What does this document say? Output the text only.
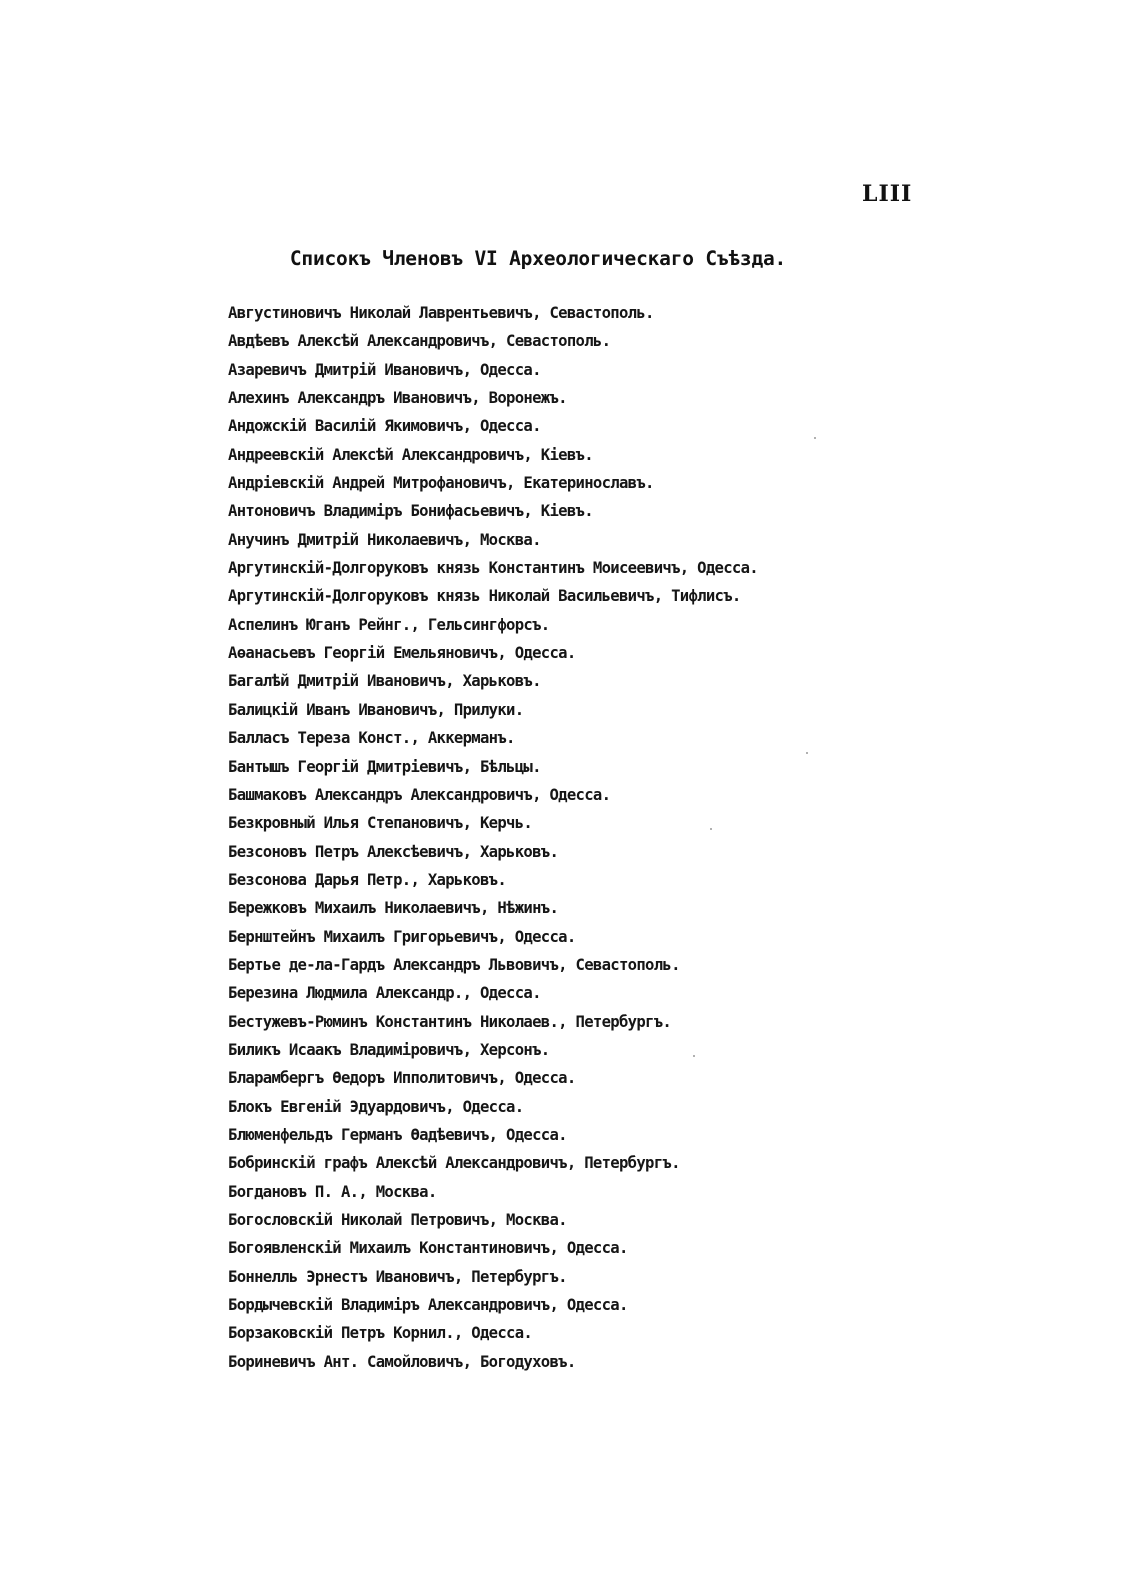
LIII
Списокъ Членовъ VI Археологическаго Съѣзда.
Августиновичъ Николай Лаврентьевичъ, Севастополь.
Авдѣевъ Алексѣй Александровичъ, Севастополь.
Азаревичъ Дмитрій Ивановичъ, Одесса.
Алехинъ Александръ Ивановичъ, Воронежъ.
Андожскій Василій Якимовичъ, Одесса.
Андреевскій Алексѣй Александровичъ, Кіевъ.
Андріевскій Андрей Митрофановичъ, Екатеринославъ.
Антоновичъ Владиміръ Бонифасьевичъ, Кіевъ.
Анучинъ Дмитрій Николаевичъ, Москва.
Аргутинскій-Долгоруковъ князь Константинъ Моисеевичъ, Одесса.
Аргутинскій-Долгоруковъ князь Николай Васильевичъ, Тифлисъ.
Аспелинъ Юганъ Рейнг., Гельсингфорсъ.
Аѳанасьевъ Георгій Емельяновичъ, Одесса.
Багалѣй Дмитрій Ивановичъ, Харьковъ.
Балицкій Иванъ Ивановичъ, Прилуки.
Балласъ Тереза Конст., Аккерманъ.
Бантышъ Георгій Дмитріевичъ, Бѣльцы.
Башмаковъ Александръ Александровичъ, Одесса.
Безкровный Илья Степановичъ, Керчь.
Безсоновъ Петръ Алексѣевичъ, Харьковъ.
Безсонова Дарья Петр., Харьковъ.
Бережковъ Михаилъ Николаевичъ, Нѣжинъ.
Бернштейнъ Михаилъ Григорьевичъ, Одесса.
Бертье де-ла-Гардъ Александръ Львовичъ, Севастополь.
Березина Людмила Александр., Одесса.
Бестужевъ-Рюминъ Константинъ Николаев., Петербургъ.
Биликъ Исаакъ Владиміровичъ, Херсонъ.
Бларамбергъ Ѳедоръ Ипполитовичъ, Одесса.
Блокъ Евгеній Эдуардовичъ, Одесса.
Блюменфельдъ Германъ Ѳадѣевичъ, Одесса.
Бобринскій графъ Алексѣй Александровичъ, Петербургъ.
Богдановъ П. А., Москва.
Богословскій Николай Петровичъ, Москва.
Богоявленскій Михаилъ Константиновичъ, Одесса.
Боннелль Эрнестъ Ивановичъ, Петербургъ.
Бордычевскій Владиміръ Александровичъ, Одесса.
Борзаковскій Петръ Корнил., Одесса.
Бориневичъ Ант. Самойловичъ, Богодуховъ.
